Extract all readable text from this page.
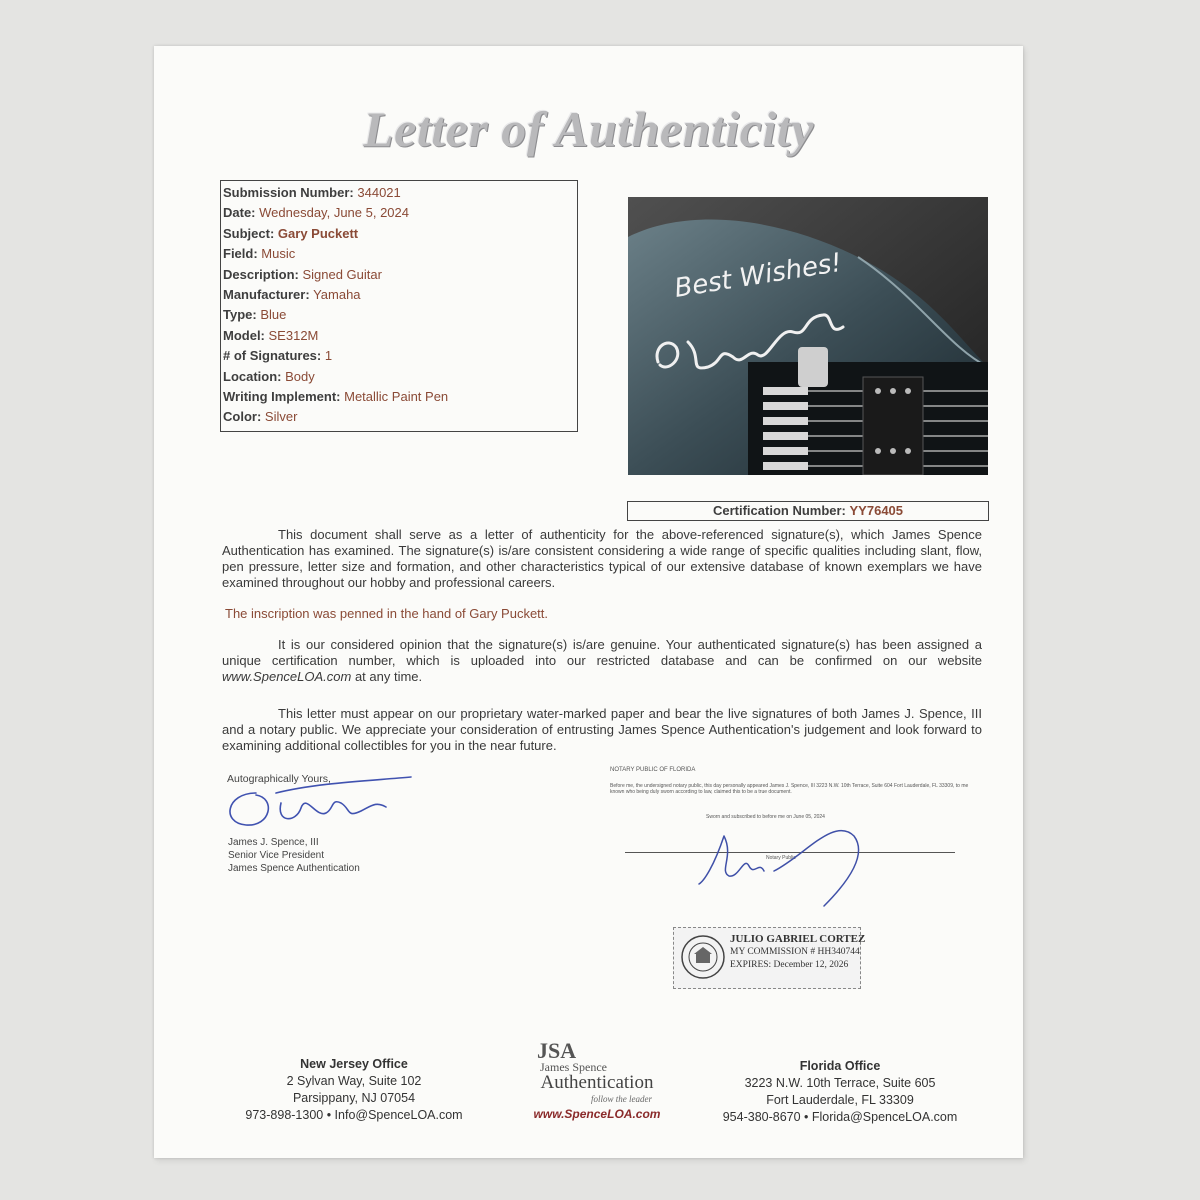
Letter of Authenticity
Submission Number: 344021
Date: Wednesday, June 5, 2024
Subject: Gary Puckett
Field: Music
Description: Signed Guitar
Manufacturer: Yamaha
Type: Blue
Model: SE312M
# of Signatures: 1
Location: Body
Writing Implement: Metallic Paint Pen
Color: Silver
Best Wishes!
Certification Number: YY76405
This document shall serve as a letter of authenticity for the above-referenced signature(s), which James Spence Authentication has examined. The signature(s) is/are consistent considering a wide range of specific qualities including slant, flow, pen pressure, letter size and formation, and other characteristics typical of our extensive database of known exemplars we have examined throughout our hobby and professional careers.
The inscription was penned in the hand of Gary Puckett.
It is our considered opinion that the signature(s) is/are genuine. Your authenticated signature(s) has been assigned a unique certification number, which is uploaded into our restricted database and can be confirmed on our website www.SpenceLOA.com at any time.
This letter must appear on our proprietary water-marked paper and bear the live signatures of both James J. Spence, III and a notary public. We appreciate your consideration of entrusting James Spence Authentication's judgement and look forward to examining additional collectibles for you in the near future.
Autographically Yours,
James J. Spence, III
Senior Vice President
James Spence Authentication
NOTARY PUBLIC OF FLORIDA
Before me, the undersigned notary public, this day personally appeared James J. Spence, III 3223 N.W. 10th Terrace, Suite 604 Fort Lauderdale, FL 33309, to me known who being duly sworn according to law, claimed this to be a true document.
Sworn and subscribed to before me on June 05, 2024
Notary Public
JULIO GABRIEL CORTEZ
MY COMMISSION # HH340744
EXPIRES: December 12, 2026
New Jersey Office
2 Sylvan Way, Suite 102
Parsippany, NJ 07054
973-898-1300 • Info@SpenceLOA.com
JSA
James Spence
Authentication
follow the leader
www.SpenceLOA.com
Florida Office
3223 N.W. 10th Terrace, Suite 605
Fort Lauderdale, FL 33309
954-380-8670 • Florida@SpenceLOA.com
